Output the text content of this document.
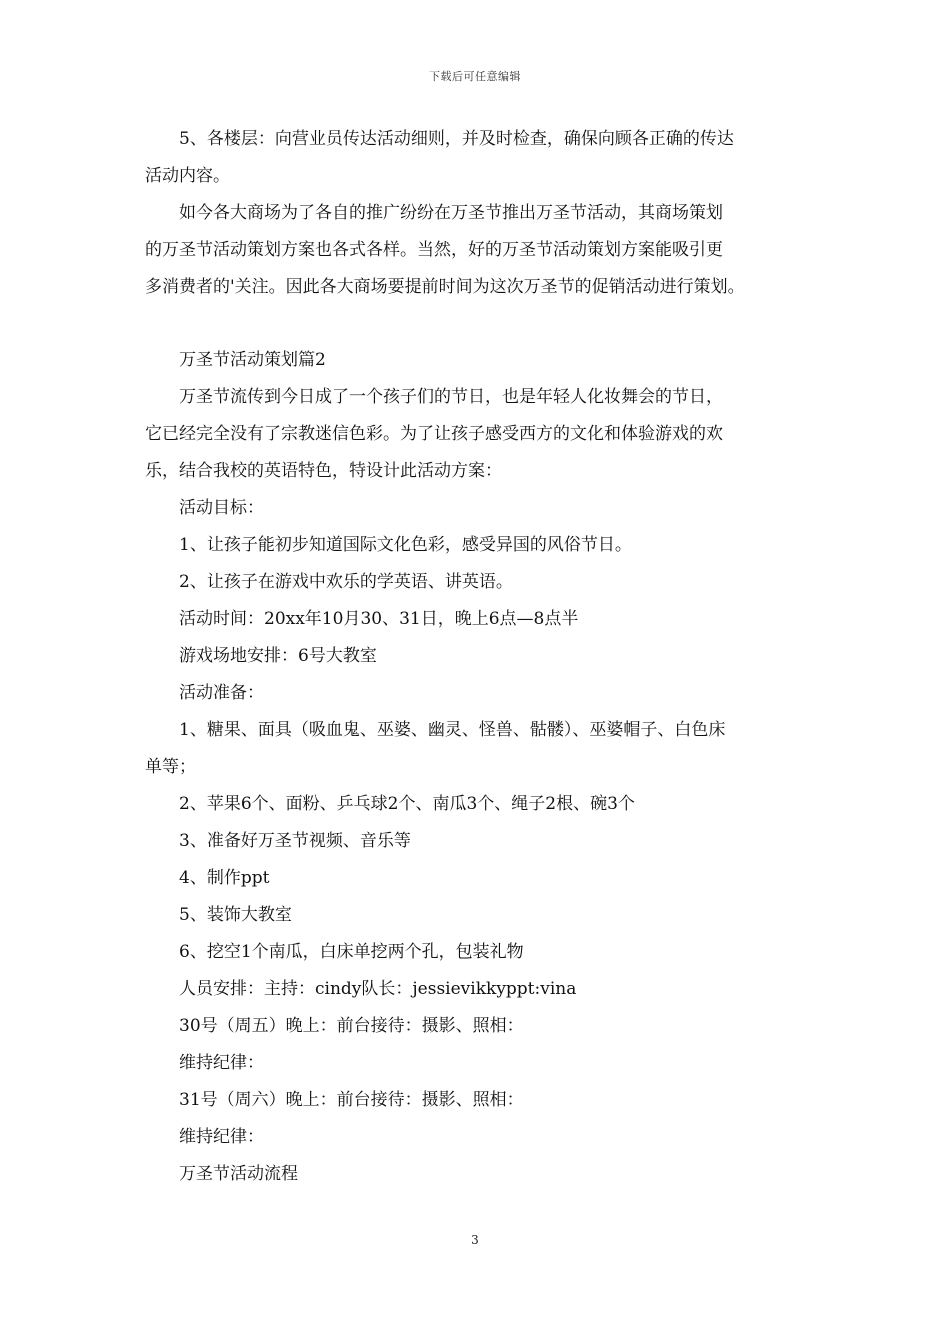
下载后可任意编辑

5、各楼层：向营业员传达活动细则，并及时检查，确保向顾各正确的传达

活动内容。

如今各大商场为了各自的推广纷纷在万圣节推出万圣节活动，其商场策划

的万圣节活动策划方案也各式各样。当然，好的万圣节活动策划方案能吸引更

多消费者的'关注。因此各大商场要提前时间为这次万圣节的促销活动进行策划。

万圣节活动策划篇2

万圣节流传到今日成了一个孩子们的节日，也是年轻人化妆舞会的节日，

它已经完全没有了宗教迷信色彩。为了让孩子感受西方的文化和体验游戏的欢

乐，结合我校的英语特色，特设计此活动方案：

活动目标：

1、让孩子能初步知道国际文化色彩，感受异国的风俗节日。

2、让孩子在游戏中欢乐的学英语、讲英语。

活动时间：20xx年10月30、31日，晚上6点—8点半

游戏场地安排：6号大教室

活动准备：

1、糖果、面具（吸血鬼、巫婆、幽灵、怪兽、骷髅）、巫婆帽子、白色床

单等；

2、苹果6个、面粉、乒乓球2个、南瓜3个、绳子2根、碗3个

3、准备好万圣节视频、音乐等

4、制作ppt

5、装饰大教室

6、挖空1个南瓜，白床单挖两个孔，包装礼物

人员安排：主持：cindy队长：jessievikkyppt:vina

30号（周五）晚上：前台接待：摄影、照相：

维持纪律：

31号（周六）晚上：前台接待：摄影、照相：

维持纪律：

万圣节活动流程

3
